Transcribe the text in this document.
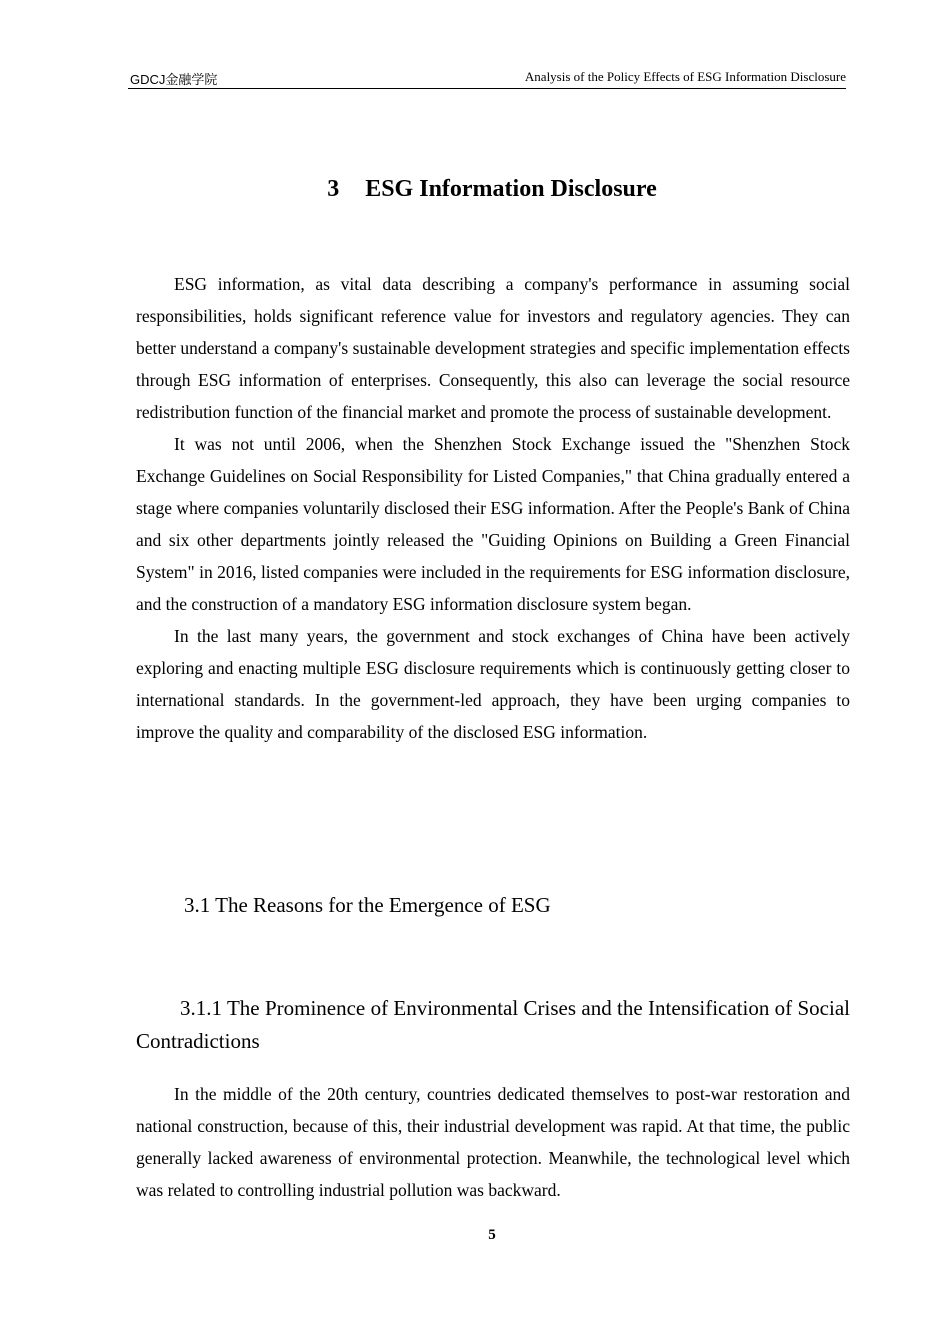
GDCJ金融学院	Analysis of the Policy Effects of ESG Information Disclosure
3 ESG Information Disclosure

ESG information, as vital data describing a company's performance in assuming social responsibilities, holds significant reference value for investors and regulatory agencies. They can better understand a company's sustainable development strategies and specific implementation effects through ESG information of enterprises. Consequently, this also can leverage the social resource redistribution function of the financial market and promote the process of sustainable development.

It was not until 2006, when the Shenzhen Stock Exchange issued the "Shenzhen Stock Exchange Guidelines on Social Responsibility for Listed Companies," that China gradually entered a stage where companies voluntarily disclosed their ESG information. After the People's Bank of China and six other departments jointly released the "Guiding Opinions on Building a Green Financial System" in 2016, listed companies were included in the requirements for ESG information disclosure, and the construction of a mandatory ESG information disclosure system began.

In the last many years, the government and stock exchanges of China have been actively exploring and enacting multiple ESG disclosure requirements which is continuously getting closer to international standards. In the government-led approach, they have been urging companies to improve the quality and comparability of the disclosed ESG information.

3.1 The Reasons for the Emergence of ESG
3.1.1 The Prominence of Environmental Crises and the Intensification of Social Contradictions

In the middle of the 20th century, countries dedicated themselves to post-war restoration and national construction, because of this, their industrial development was rapid. At that time, the public generally lacked awareness of environmental protection. Meanwhile, the technological level which was related to controlling industrial pollution was backward.

5
